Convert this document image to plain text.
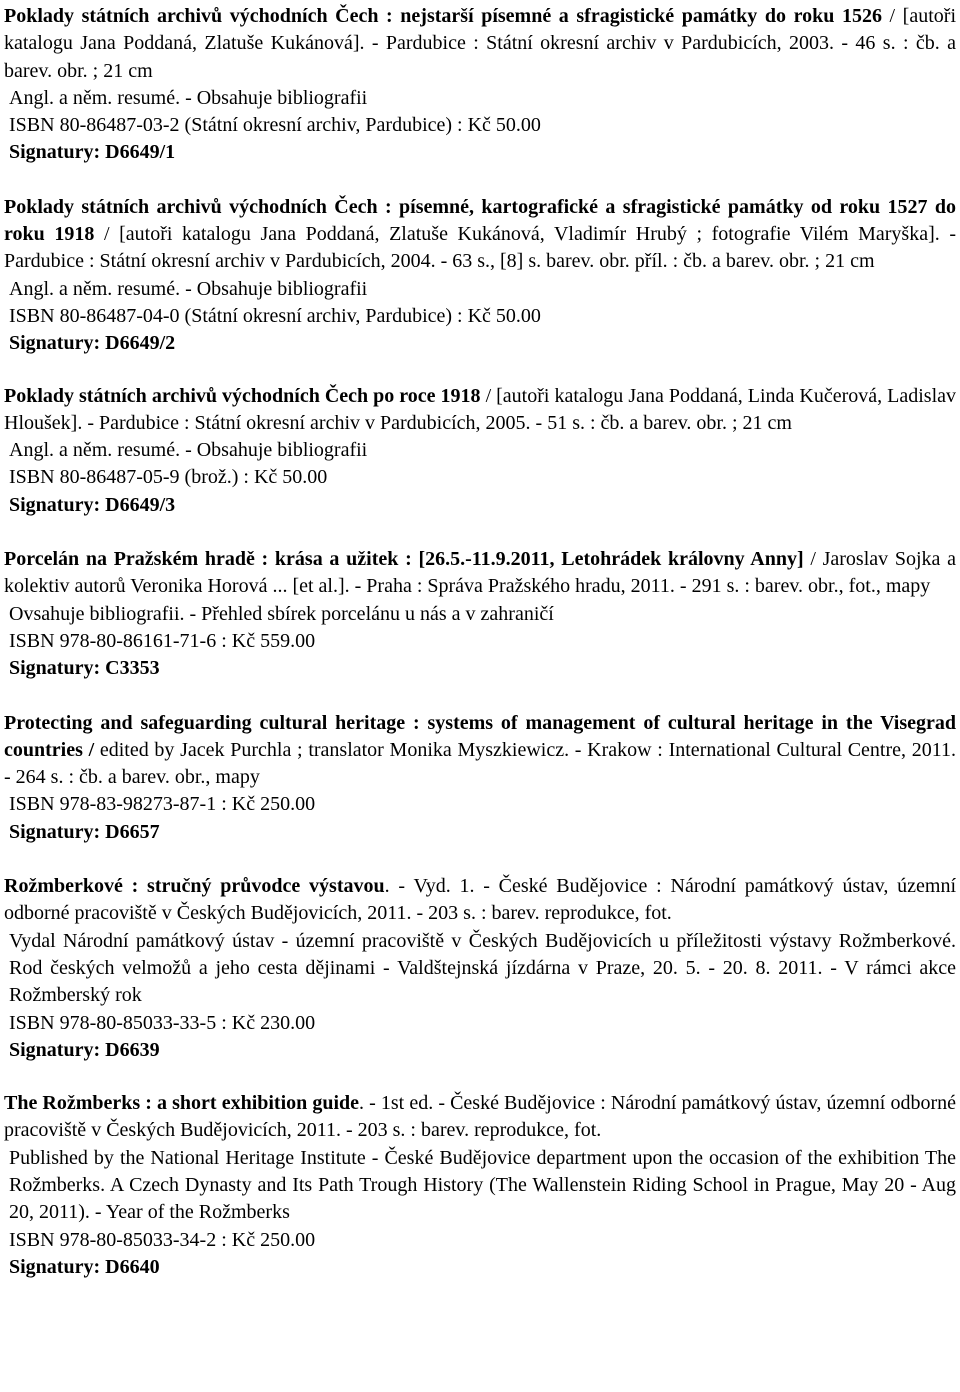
Poklady státních archivů východních Čech : nejstarší písemné a sfragistické památky do roku 1526 / [autoři katalogu Jana Poddaná, Zlatuše Kukánová]. - Pardubice : Státní okresní archiv v Pardubicích, 2003. - 46 s. : čb. a barev. obr. ; 21 cm

Angl. a něm. resumé. - Obsahuje bibliografii

ISBN 80-86487-03-2 (Státní okresní archiv, Pardubice) : Kč 50.00

Signatury: D6649/1

Poklady státních archivů východních Čech : písemné, kartografické a sfragistické památky od roku 1527 do roku 1918 / [autoři katalogu Jana Poddaná, Zlatuše Kukánová, Vladimír Hrubý ; fotografie Vilém Maryška]. - Pardubice : Státní okresní archiv v Pardubicích, 2004. - 63 s., [8] s. barev. obr. příl. : čb. a barev. obr. ; 21 cm

Angl. a něm. resumé. - Obsahuje bibliografii

ISBN 80-86487-04-0 (Státní okresní archiv, Pardubice) : Kč 50.00

Signatury: D6649/2

Poklady státních archivů východních Čech po roce 1918 / [autoři katalogu Jana Poddaná, Linda Kučerová, Ladislav Hloušek]. - Pardubice : Státní okresní archiv v Pardubicích, 2005. - 51 s. : čb. a barev. obr. ; 21 cm

Angl. a něm. resumé. - Obsahuje bibliografii

ISBN 80-86487-05-9 (brož.) : Kč 50.00

Signatury: D6649/3

Porcelán na Pražském hradě : krása a užitek : [26.5.-11.9.2011, Letohrádek královny Anny] / Jaroslav Sojka a kolektiv autorů Veronika Horová ... [et al.]. - Praha : Správa Pražského hradu, 2011. - 291 s. : barev. obr., fot., mapy

Ovsahuje bibliografii. - Přehled sbírek porcelánu u nás a v zahraničí

ISBN 978-80-86161-71-6 : Kč 559.00

Signatury: C3353

Protecting and safeguarding cultural heritage : systems of management of cultural heritage in the Visegrad countries / edited by Jacek Purchla ; translator Monika Myszkiewicz. - Krakow : International Cultural Centre, 2011. - 264 s. : čb. a barev. obr., mapy

ISBN 978-83-98273-87-1 : Kč 250.00

Signatury: D6657

Rožmberkové : stručný průvodce výstavou. - Vyd. 1. - České Budějovice : Národní památkový ústav, územní odborné pracoviště v Českých Budějovicích, 2011. - 203 s. : barev. reprodukce, fot.

Vydal Národní památkový ústav - územní pracoviště v Českých Budějovicích u příležitosti výstavy Rožmberkové. Rod českých velmožů a jeho cesta dějinami - Valdštejnská jízdárna v Praze, 20. 5. - 20. 8. 2011. - V rámci akce Rožmberský rok

ISBN 978-80-85033-33-5 : Kč 230.00

Signatury: D6639

The Rožmberks : a short exhibition guide. - 1st ed. - České Budějovice : Národní památkový ústav, územní odborné pracoviště v Českých Budějovicích, 2011. - 203 s. : barev. reprodukce, fot.

Published by the National Heritage Institute - České Budějovice department upon the occasion of the exhibition The Rožmberks. A Czech Dynasty and Its Path Trough History (The Wallenstein Riding School in Prague, May 20 - Aug 20, 2011). - Year of the Rožmberks

ISBN 978-80-85033-34-2 : Kč 250.00

Signatury: D6640
